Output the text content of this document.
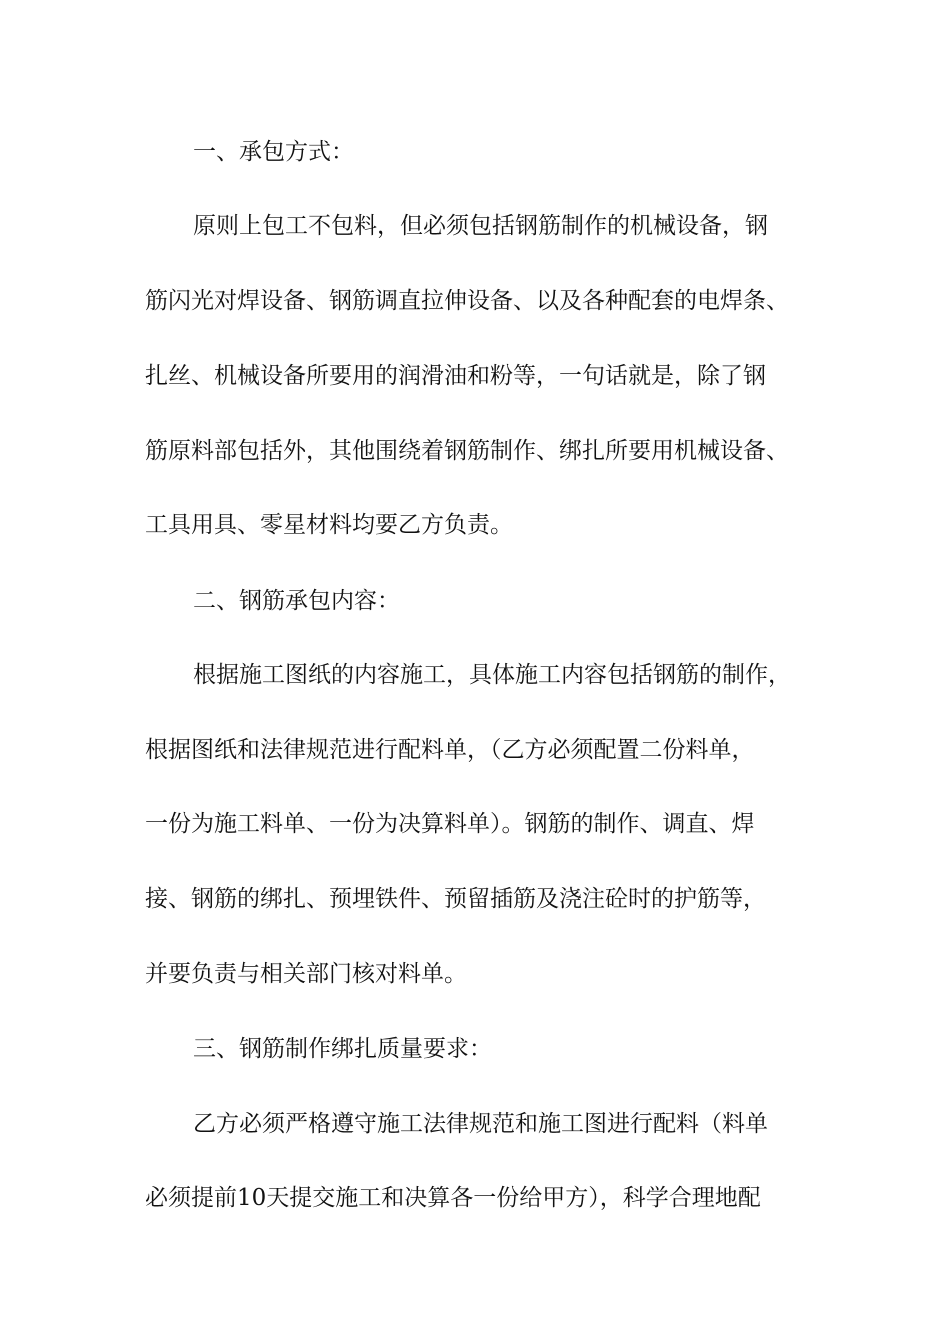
一、承包方式：
原则上包工不包料，但必须包括钢筋制作的机械设备，钢
筋闪光对焊设备、钢筋调直拉伸设备、以及各种配套的电焊条、
扎丝、机械设备所要用的润滑油和粉等，一句话就是，除了钢
筋原料部包括外，其他围绕着钢筋制作、绑扎所要用机械设备、
工具用具、零星材料均要乙方负责。
二、钢筋承包内容：
根据施工图纸的内容施工，具体施工内容包括钢筋的制作，
根据图纸和法律规范进行配料单，（乙方必须配置二份料单，
一份为施工料单、一份为决算料单）。钢筋的制作、调直、焊
接、钢筋的绑扎、预埋铁件、预留插筋及浇注砼时的护筋等，
并要负责与相关部门核对料单。
三、钢筋制作绑扎质量要求：
乙方必须严格遵守施工法律规范和施工图进行配料（料单
必须提前10天提交施工和决算各一份给甲方），科学合理地配
